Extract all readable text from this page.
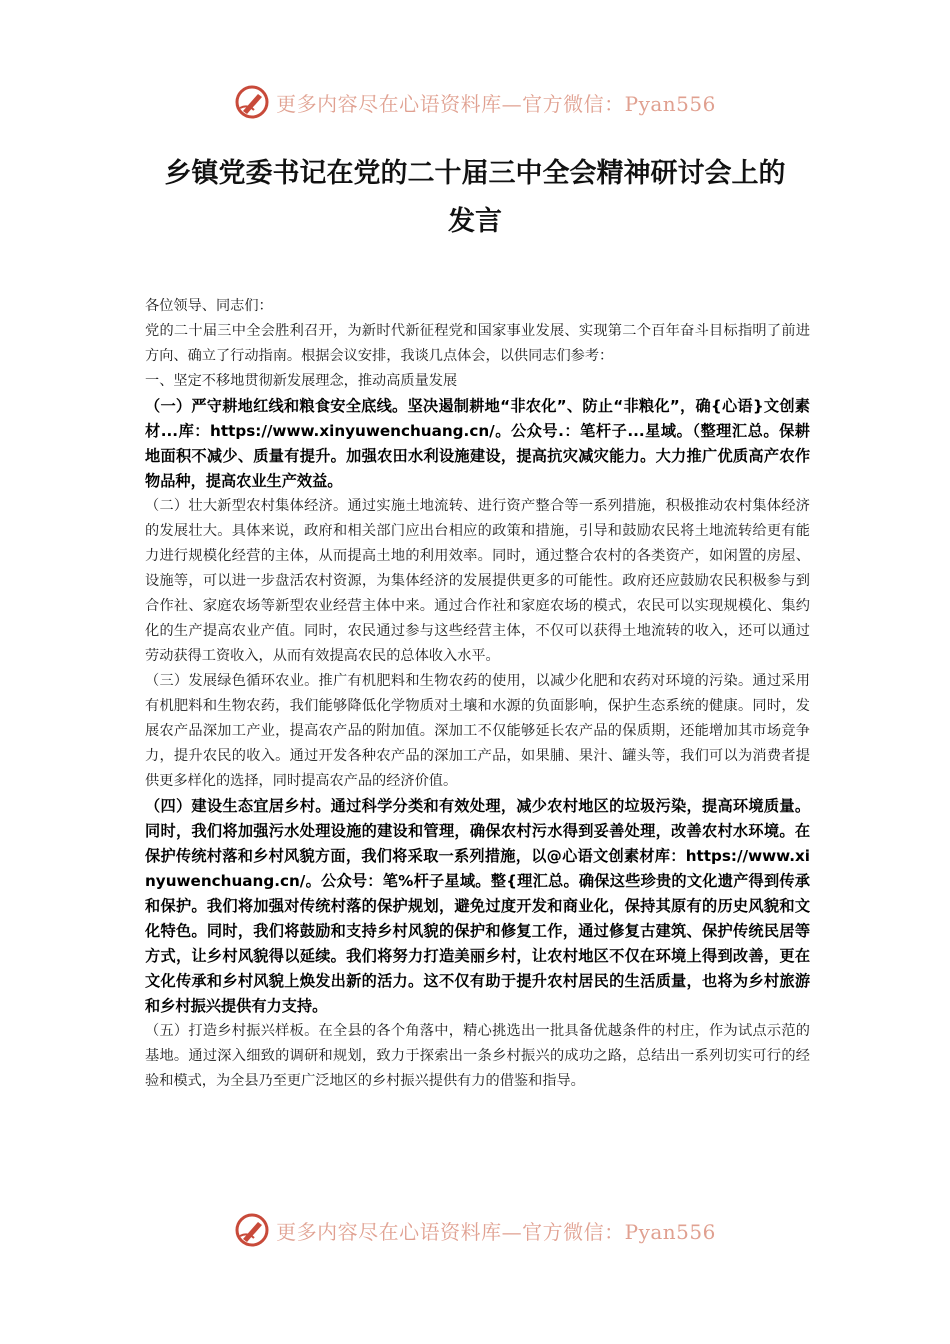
更多内容尽在心语资料库—官方微信：Pyan556
乡镇党委书记在党的二十届三中全会精神研讨会上的
发言

各位领导、同志们：

党的二十届三中全会胜利召开，为新时代新征程党和国家事业发展、实现第二个百年奋斗目标指明了前进方向、确立了行动指南。根据会议安排，我谈几点体会，以供同志们参考：

一、坚定不移地贯彻新发展理念，推动高质量发展

（一）严守耕地红线和粮食安全底线。坚决遏制耕地“非农化”、防止“非粮化”，确{心语}文创素材...库：https://www.xinyuwenchuang.cn/。公众号.：笔杆子...星域。（整理汇总。保耕地面积不减少、质量有提升。加强农田水利设施建设，提高抗灾减灾能力。大力推广优质高产农作物品种，提高农业生产效益。

（二）壮大新型农村集体经济。通过实施土地流转、进行资产整合等一系列措施，积极推动农村集体经济的发展壮大。具体来说，政府和相关部门应出台相应的政策和措施，引导和鼓励农民将土地流转给更有能力进行规模化经营的主体，从而提高土地的利用效率。同时，通过整合农村的各类资产，如闲置的房屋、设施等，可以进一步盘活农村资源，为集体经济的发展提供更多的可能性。政府还应鼓励农民积极参与到合作社、家庭农场等新型农业经营主体中来。通过合作社和家庭农场的模式，农民可以实现规模化、集约化的生产提高农业产值。同时，农民通过参与这些经营主体，不仅可以获得土地流转的收入，还可以通过劳动获得工资收入，从而有效提高农民的总体收入水平。

（三）发展绿色循环农业。推广有机肥料和生物农药的使用，以减少化肥和农药对环境的污染。通过采用有机肥料和生物农药，我们能够降低化学物质对土壤和水源的负面影响，保护生态系统的健康。同时，发展农产品深加工产业，提高农产品的附加值。深加工不仅能够延长农产品的保质期，还能增加其市场竞争力，提升农民的收入。通过开发各种农产品的深加工产品，如果脯、果汁、罐头等，我们可以为消费者提供更多样化的选择，同时提高农产品的经济价值。

（四）建设生态宜居乡村。通过科学分类和有效处理，减少农村地区的垃圾污染，提高环境质量。同时，我们将加强污水处理设施的建设和管理，确保农村污水得到妥善处理，改善农村水环境。在保护传统村落和乡村风貌方面，我们将采取一系列措施，以@心语文创素材库：https://www.xinyuwenchuang.cn/。公众号：笔%杆子星域。整{理汇总。确保这些珍贵的文化遗产得到传承和保护。我们将加强对传统村落的保护规划，避免过度开发和商业化，保持其原有的历史风貌和文化特色。同时，我们将鼓励和支持乡村风貌的保护和修复工作，通过修复古建筑、保护传统民居等方式，让乡村风貌得以延续。我们将努力打造美丽乡村，让农村地区不仅在环境上得到改善，更在文化传承和乡村风貌上焕发出新的活力。这不仅有助于提升农村居民的生活质量，也将为乡村旅游和乡村振兴提供有力支持。

（五）打造乡村振兴样板。在全县的各个角落中，精心挑选出一批具备优越条件的村庄，作为试点示范的基地。通过深入细致的调研和规划，致力于探索出一条乡村振兴的成功之路，总结出一系列切实可行的经验和模式，为全县乃至更广泛地区的乡村振兴提供有力的借鉴和指导。

更多内容尽在心语资料库—官方微信：Pyan556
